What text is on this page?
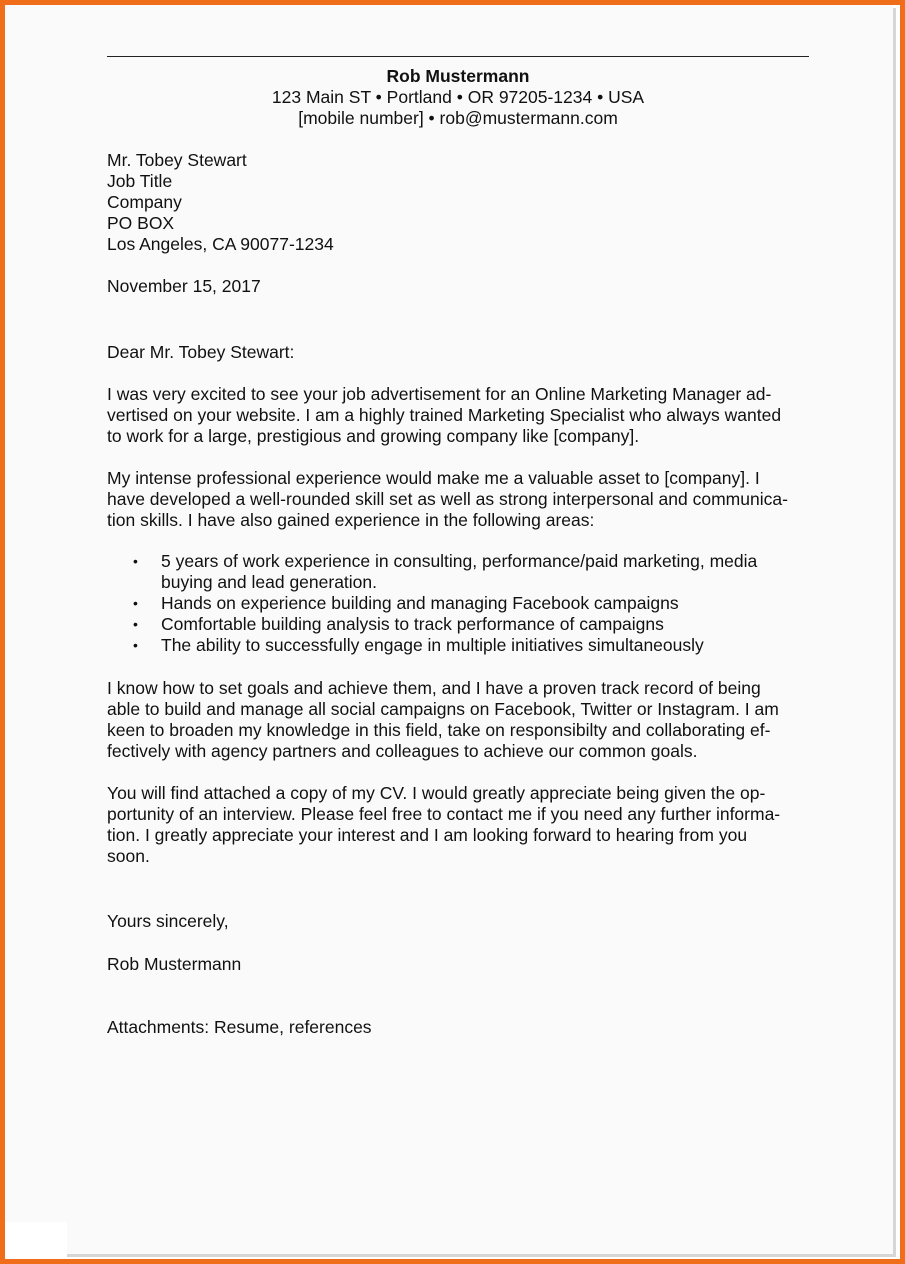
Rob Mustermann
123 Main ST • Portland • OR 97205-1234 • USA
[mobile number] • rob@mustermann.com
Mr. Tobey Stewart
Job Title
Company
PO BOX
Los Angeles, CA 90077-1234
November 15, 2017
Dear Mr. Tobey Stewart:
I was very excited to see your job advertisement for an Online Marketing Manager ad-
vertised on your website. I am a highly trained Marketing Specialist who always wanted
to work for a large, prestigious and growing company like [company].
My intense professional experience would make me a valuable asset to [company]. I
have developed a well-rounded skill set as well as strong interpersonal and communica-
tion skills. I have also gained experience in the following areas:
• 5 years of work experience in consulting, performance/paid marketing, media
buying and lead generation.
• Hands on experience building and managing Facebook campaigns
• Comfortable building analysis to track performance of campaigns
• The ability to successfully engage in multiple initiatives simultaneously
I know how to set goals and achieve them, and I have a proven track record of being
able to build and manage all social campaigns on Facebook, Twitter or Instagram. I am
keen to broaden my knowledge in this field, take on responsibilty and collaborating ef-
fectively with agency partners and colleagues to achieve our common goals.
You will find attached a copy of my CV. I would greatly appreciate being given the op-
portunity of an interview. Please feel free to contact me if you need any further informa-
tion. I greatly appreciate your interest and I am looking forward to hearing from you
soon.
Yours sincerely,
Rob Mustermann
Attachments: Resume, references
